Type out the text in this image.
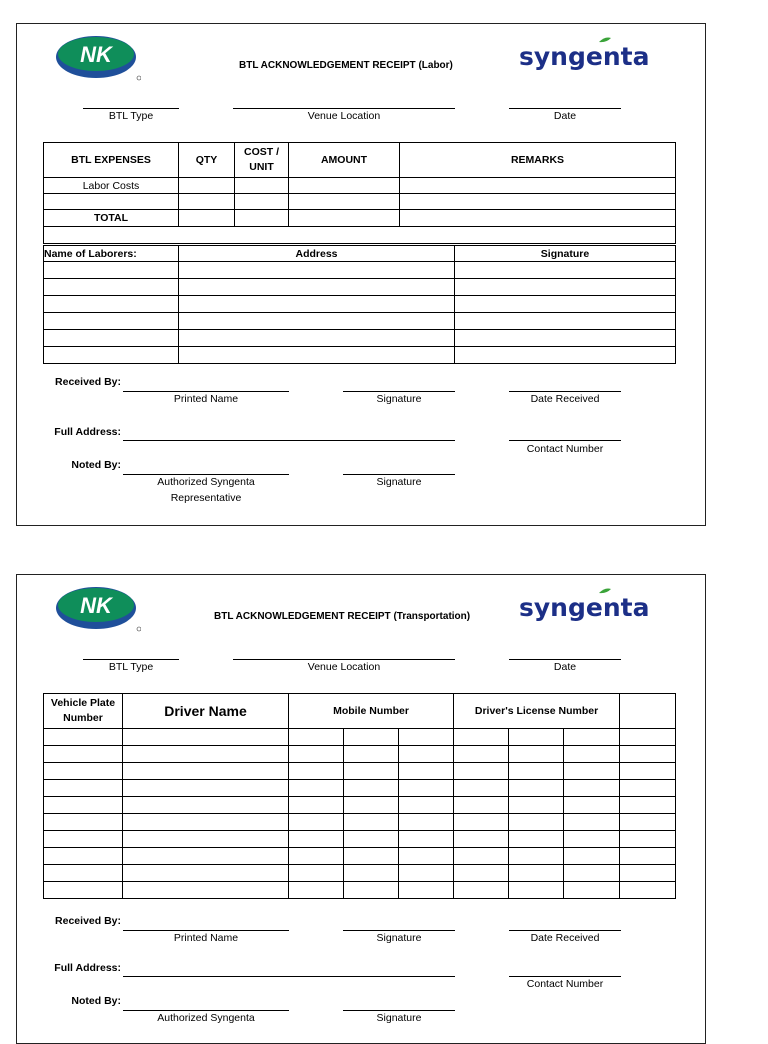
NK	BTL ACKNOWLEDGEMENT RECEIPT (Labor)	syngenta
BTL Type	Venue Location	Date
BTL EXPENSES	QTY	COST / UNIT	AMOUNT	REMARKS
Labor Costs				

TOTAL				

Name of Laborers:	Address	Signature

Received By:
Printed Name	Signature	Date Received
Full Address:
Contact Number
Noted By:
Authorized Syngenta
Representative
Signature
NK	BTL ACKNOWLEDGEMENT RECEIPT (Transportation) syngenta
BTL Type	Venue Location	Date
Vehicle Plate
Number	Driver Name	Mobile Number			Driver's License Number			

Received By:
Printed Name	Signature	Date Received
Full Address:
Contact Number
Noted By:
Authorized Syngenta	Signature
